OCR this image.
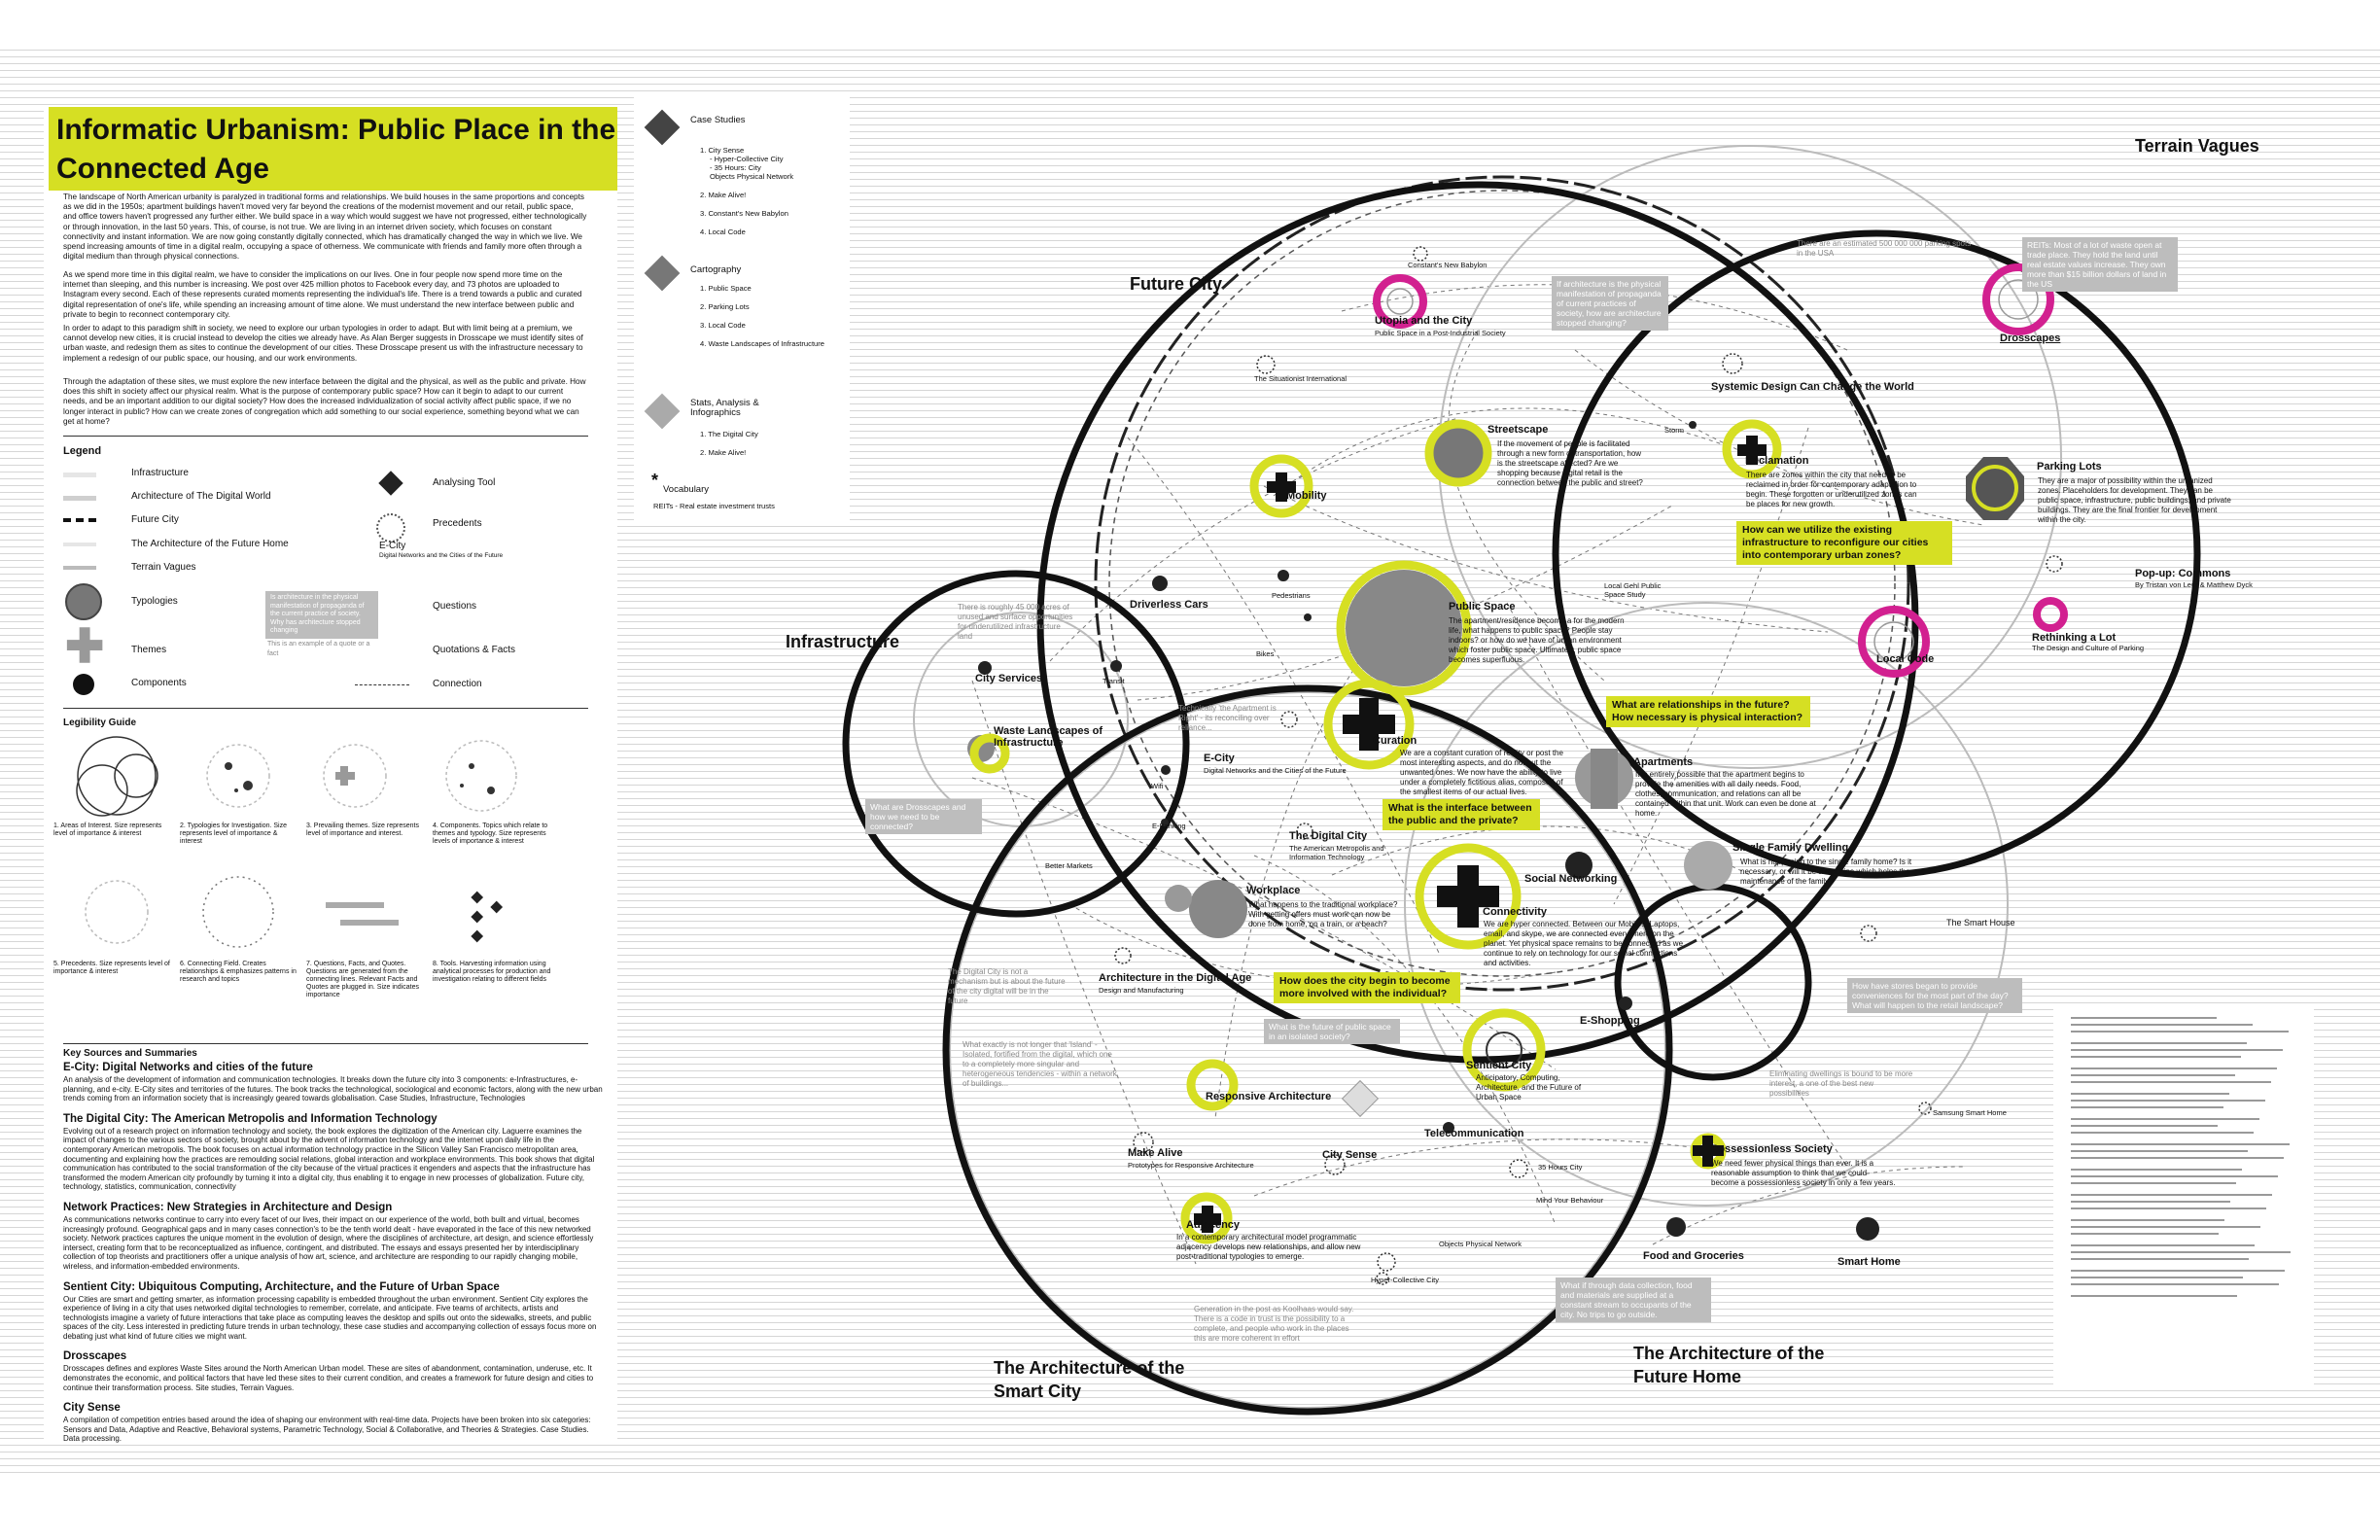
Informatic Urbanism: Public Place in the Connected Age

The landscape of North American urbanity is paralyzed in traditional forms and relationships. We build houses in the same proportions and concepts as we did in the 1950s; apartment buildings haven't moved very far beyond the creations of the modernist movement and our retail, public space, and office towers haven't progressed any further either. We build space in a way which would suggest we have not progressed, either technologically or through innovation, in the last 50 years. This, of course, is not true. We are living in an internet driven society, which focuses on constant connectivity and instant information. We are now going constantly digitally connected, which has dramatically changed the way in which we live. We spend increasing amounts of time in a digital realm, occupying a space of otherness. We communicate with friends and family more often through a digital medium than through physical connections.

As we spend more time in this digital realm, we have to consider the implications on our lives. One in four people now spend more time on the internet than sleeping, and this number is increasing. We post over 425 million photos to Facebook every day, and 73 photos are uploaded to Instagram every second. Each of these represents curated moments representing the individual's life. There is a trend towards a public and curated digital representation of one's life, while spending an increasing amount of time alone. We must understand the new interface between public and private to begin to reconnect contemporary city.

In order to adapt to this paradigm shift in society, we need to explore our urban typologies in order to adapt. But with limit being at a premium, we cannot develop new cities, it is crucial instead to develop the cities we already have. As Alan Berger suggests in Drosscape we must identify sites of urban waste, and redesign them as sites to continue the development of our cities. These Drosscape present us with the infrastructure necessary to implement a redesign of our public space, our housing, and our work environments.

Through the adaptation of these sites, we must explore the new interface between the digital and the physical, as well as the public and private. How does this shift in society affect our physical realm. What is the purpose of contemporary public space? How can it begin to adapt to our current needs, and be an important addition to our digital society? How does the increased individualization of social activity affect public space, if we no longer interact in public? How can we create zones of congregation which add something to our social experience, something beyond what we can get at home?

Legend
Infrastructure
Architecture of The Digital World
Future City
The Architecture of the Future Home
Terrain Vagues
Typologies
✚	Themes
Components
Analysing Tool
Precedents
E-City
Digital Networks and the Cities of the Future
Is architecture in the physical manifestation of propaganda of the current practice of society. Why has architecture stopped changing
Questions
This is an example of a quote or a fact	Quotations & Facts
Connection
Legibility Guide
1. Areas of Interest. Size represents level of importance & interest
2. Typologies for Investigation. Size represents level of importance & interest
3. Prevailing themes. Size represents level of importance and interest.
4. Components. Topics which relate to themes and typology. Size represents levels of importance & interest
5. Precedents. Size represents level of importance & interest
6. Connecting Field. Creates relationships & emphasizes patterns in research and topics
7. Questions, Facts, and Quotes. Questions are generated from the connecting lines. Relevant Facts and Quotes are plugged in. Size indicates importance
8. Tools. Harvesting information using analytical processes for production and investigation relating to different fields
Key Sources and Summaries
E-City: Digital Networks and cities of the future

An analysis of the development of information and communication technologies. It breaks down the future city into 3 components: e-Infrastructures, e-planning, and e-city. E-City sites and territories of the futures. The book tracks the technological, sociological and economic factors, along with the new urban trends coming from an information society that is increasingly geared towards globalisation. Case Studies, Infrastructure, Technologies

The Digital City: The American Metropolis and Information Technology

Evolving out of a research project on information technology and society, the book explores the digitization of the American city. Laguerre examines the impact of changes to the various sectors of society, brought about by the advent of information technology and the internet upon daily life in the contemporary American metropolis. The book focuses on actual information technology practice in the Silicon Valley San Francisco metropolitan area, documenting and explaining how the practices are remoulding social relations, global interaction and workplace environments. This book shows that digital communication has contributed to the social transformation of the city because of the virtual practices it engenders and aspects that the infrastructure has transformed the modern American city profoundly by turning it into a digital city, thus enabling it to engage in new processes of globalization. Future city, technology, statistics, communication, connectivity

Network Practices: New Strategies in Architecture and Design

As communications networks continue to carry into every facet of our lives, their impact on our experience of the world, both built and virtual, becomes increasingly profound. Geographical gaps and in many cases connection's to be the tenth world dealt - have evaporated in the face of this new networked society. Network practices captures the unique moment in the evolution of design, where the disciplines of architecture, art design, and science effortlessly intersect, creating form that to be reconceptualized as influence, contingent, and distributed. The essays and essays presented her by interdisciplinary collection of top theorists and practitioners offer a unique analysis of how art, science, and architecture are responding to our rapidly changing mobile, wireless, and information-embedded environments.

Sentient City: Ubiquitous Computing, Architecture, and the Future of Urban Space

Our Cities are smart and getting smarter, as information processing capability is embedded throughout the urban environment. Sentient City explores the experience of living in a city that uses networked digital technologies to remember, correlate, and anticipate. Five teams of architects, artists and technologists imagine a variety of future interactions that take place as computing leaves the desktop and spills out onto the sidewalks, streets, and public spaces of the city. Less interested in predicting future trends in urban technology, these case studies and accompanying collection of essays focus more on debating just what kind of future cities we might want.

Drosscapes

Drosscapes defines and explores Waste Sites around the North American Urban model. These are sites of abandonment, contamination, underuse, etc. It demonstrates the economic, and political factors that have led these sites to their current condition, and creates a framework for future design and cities to continue their transformation process. Site studies, Terrain Vagues.

City Sense

A compilation of competition entries based around the idea of shaping our environment with real-time data. Projects have been broken into six categories: Sensors and Data, Adaptive and Reactive, Behavioral systems, Parametric Technology, Social & Collaborative, and Theories & Strategies. Case Studies. Data processing.

Case Studies
1. City Sense
- Hyper-Collective City
- 35 Hours: City
Objects Physical Network
2. Make Alive!
3. Constant's New Babylon
4. Local Code
Cartography
1. Public Space
2. Parking Lots
3. Local Code
4. Waste Landscapes of Infrastructure
Stats, Analysis & Infographics
1. The Digital City
2. Make Alive!
* Vocabulary
REITs - Real estate investment trusts
Future City
Terrain Vagues
Infrastructure
The Architecture of the Smart City
The Architecture of the Future Home
Mobility
Curation
Connectivity
Reclamation
Adjacency
Possessionless Society
Drosscapes
Parking Lots
Public Space
Streetscape
Workplace
Apartments
Single Family Dwelling
Sentient City
Local Code
Waste Landscapes of Infrastructure
City Services
Driverless Cars
Social Networking
Food and Groceries	Smart Home
Telecommunication
E-Shopping
Pedestrians
Bikes
Transit
Wifi
E-Banking
Storm
Utopia and the City
Public Space in a Post-Industrial Society
Constant's New Babylon
The Situationist International
E-City
Digital Networks and the Cities of the Future
The Digital City
The American Metropolis and Information Technology
Better Markets
Architecture in the Digital Age
Design and Manufacturing
Responsive Architecture
Make Alive
Prototypes for Responsive Architecture
City Sense
Hyper-Collective City
Objects Physical Network
35 Hours City
Systemic Design Can Change the World
Rethinking a Lot
The Design and Culture of Parking
Pop-up: Commons
By Tristan von Leur & Matthew Dyck
The Smart House
Samsung Smart Home
Mind Your Behaviour
Local Gehl Public Space Study
How can we utilize the existing infrastructure to reconfigure our cities into contemporary urban zones?
What are relationships in the future? How necessary is physical interaction?
What is the interface between the public and the private?
How does the city begin to become more involved with the individual?
There are zones within the city that need to be reclaimed in order for contemporary adaptation to begin. These forgotten or underutilized zones can be places for new growth.
They are a major of possibility within the urbanized zones. Placeholders for development. They can be public space, infrastructure, public buildings, and private buildings. They are the final frontier for development within the city.
If the movement of people is facilitated through a new form of transportation, how is the streetscape affected? Are we shopping because digital retail is the connection between the public and street?
The apartment/residence become a for the modern life, what happens to public space? People stay indoors? or how do we have of urban environment which foster public space. Ultimately, public space becomes superfluous.
We are a constant curation of reality or post the most interesting aspects, and do not out the unwanted ones. We now have the ability to live under a completely fictitious alias, composed of the smallest items of our actual lives.
It is entirely possible that the apartment begins to provide the amenities with all daily needs. Food, clothes, communication, and relations can all be contained within that unit. Work can even be done at home.
What is happening to the single family home? Is it necessary, or will it be a machine which helps the maintenance of the family?
What happens to the traditional workplace? With getting offers must work can now be done from home, on a train, or a beach?	We are hyper connected. Between our Mobiles, Laptops, email, and skype, we are connected everywhere on the planet. Yet physical space remains to be connected as we continue to rely on technology for our social connections and activities.
In a contemporary architectural model programmatic adjacency develops new relationships, and allow new post-traditional typologies to emerge.
We need fewer physical things than ever. It is a reasonable assumption to think that we could become a possessionless society in only a few years.
Anticipatory, Computing, Architecture, and the Future of Urban Space
REITs: Most of a lot of waste open at trade place. They hold the land until real estate values increase. They own more than $15 billion dollars of land in the US
If architecture is the physical manifestation of propaganda of current practices of society, how are architecture stopped changing?
What are Drosscapes and how we need to be connected?
What is the future of public space in an isolated society?
How have stores began to provide conveniences for the most part of the day? What will happen to the retail landscape?
What if through data collection, food and materials are supplied at a constant stream to occupants of the city. No trips to go outside.
There are an estimated 500 000 000 parking spots in the USA
There is roughly 45 000 acres of unused and surface opportunities for underutilized infrastructure land
Technically 'the Apartment is Right' - its reconciling over reliance...
The Digital City is not a mechanism but is about the future of the city digital will be in the future
What exactly is not longer that 'Island' - Isolated, fortified from the digital, which one to a completely more singular and heterogeneous tendencies - within a network of buildings...
Eliminating dwellings is bound to be more interest, a one of the best new possibilities
Generation in the post as Koolhaas would say. There is a code in trust is the possibility to a complete, and people who work in the places this are more coherent in effort
